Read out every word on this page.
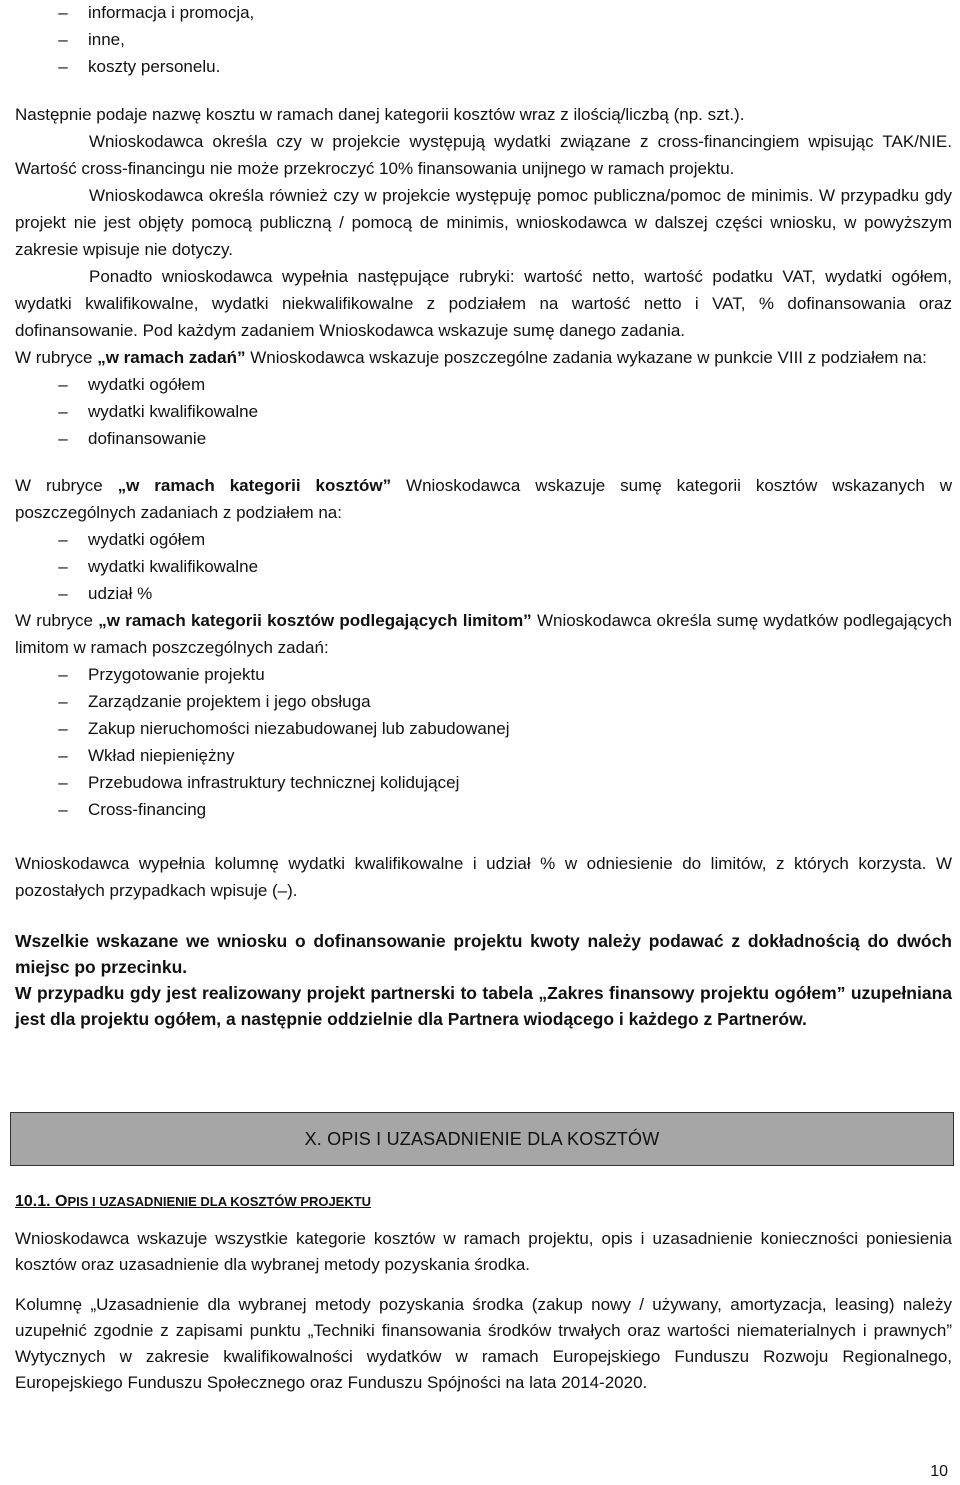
–	informacja i promocja,
–	inne,
–	koszty personelu.

Następnie podaje nazwę kosztu w ramach danej kategorii kosztów wraz z ilością/liczbą (np. szt.).

Wnioskodawca określa czy w projekcie występują wydatki związane z cross-financingiem wpisując TAK/NIE. Wartość cross-financingu nie może przekroczyć 10% finansowania unijnego w ramach projektu.

Wnioskodawca określa również czy w projekcie występuję pomoc publiczna/pomoc de minimis. W przypadku gdy projekt nie jest objęty pomocą publiczną / pomocą de minimis, wnioskodawca w dalszej części wniosku, w powyższym zakresie wpisuje nie dotyczy.

Ponadto wnioskodawca wypełnia następujące rubryki: wartość netto, wartość podatku VAT, wydatki ogółem, wydatki kwalifikowalne, wydatki niekwalifikowalne z podziałem na wartość netto i VAT, % dofinansowania oraz dofinansowanie. Pod każdym zadaniem Wnioskodawca wskazuje sumę danego zadania.

W rubryce „w ramach zadań” Wnioskodawca wskazuje poszczególne zadania wykazane w punkcie VIII z podziałem na:

–	wydatki ogółem
–	wydatki kwalifikowalne
–	dofinansowanie

W rubryce „w ramach kategorii kosztów” Wnioskodawca wskazuje sumę kategorii kosztów wskazanych w poszczególnych zadaniach z podziałem na:

–	wydatki ogółem
–	wydatki kwalifikowalne
–	udział %

W rubryce „w ramach kategorii kosztów podlegających limitom” Wnioskodawca określa sumę wydatków podlegających limitom w ramach poszczególnych zadań:

–	Przygotowanie projektu
–	Zarządzanie projektem i jego obsługa
–	Zakup nieruchomości niezabudowanej lub zabudowanej
–	Wkład niepieniężny
–	Przebudowa infrastruktury technicznej kolidującej
–	Cross-financing

Wnioskodawca wypełnia kolumnę wydatki kwalifikowalne i udział % w odniesienie do limitów, z których korzysta. W pozostałych przypadkach wpisuje (–).

Wszelkie wskazane we wniosku o dofinansowanie projektu kwoty należy podawać z dokładnością do dwóch miejsc po przecinku.

W przypadku gdy jest realizowany projekt partnerski to tabela „Zakres finansowy projektu ogółem” uzupełniana jest dla projektu ogółem, a następnie oddzielnie dla Partnera wiodącego i każdego z Partnerów.

X. OPIS I UZASADNIENIE DLA KOSZTÓW
10.1. OPIS I UZASADNIENIE DLA KOSZTÓW PROJEKTU

Wnioskodawca wskazuje wszystkie kategorie kosztów w ramach projektu, opis i uzasadnienie konieczności poniesienia kosztów oraz uzasadnienie dla wybranej metody pozyskania środka.

Kolumnę „Uzasadnienie dla wybranej metody pozyskania środka (zakup nowy / używany, amortyzacja, leasing) należy uzupełnić zgodnie z zapisami punktu „Techniki finansowania środków trwałych oraz wartości niematerialnych i prawnych” Wytycznych w zakresie kwalifikowalności wydatków w ramach Europejskiego Funduszu Rozwoju Regionalnego, Europejskiego Funduszu Społecznego oraz Funduszu Spójności na lata 2014-2020.

10
